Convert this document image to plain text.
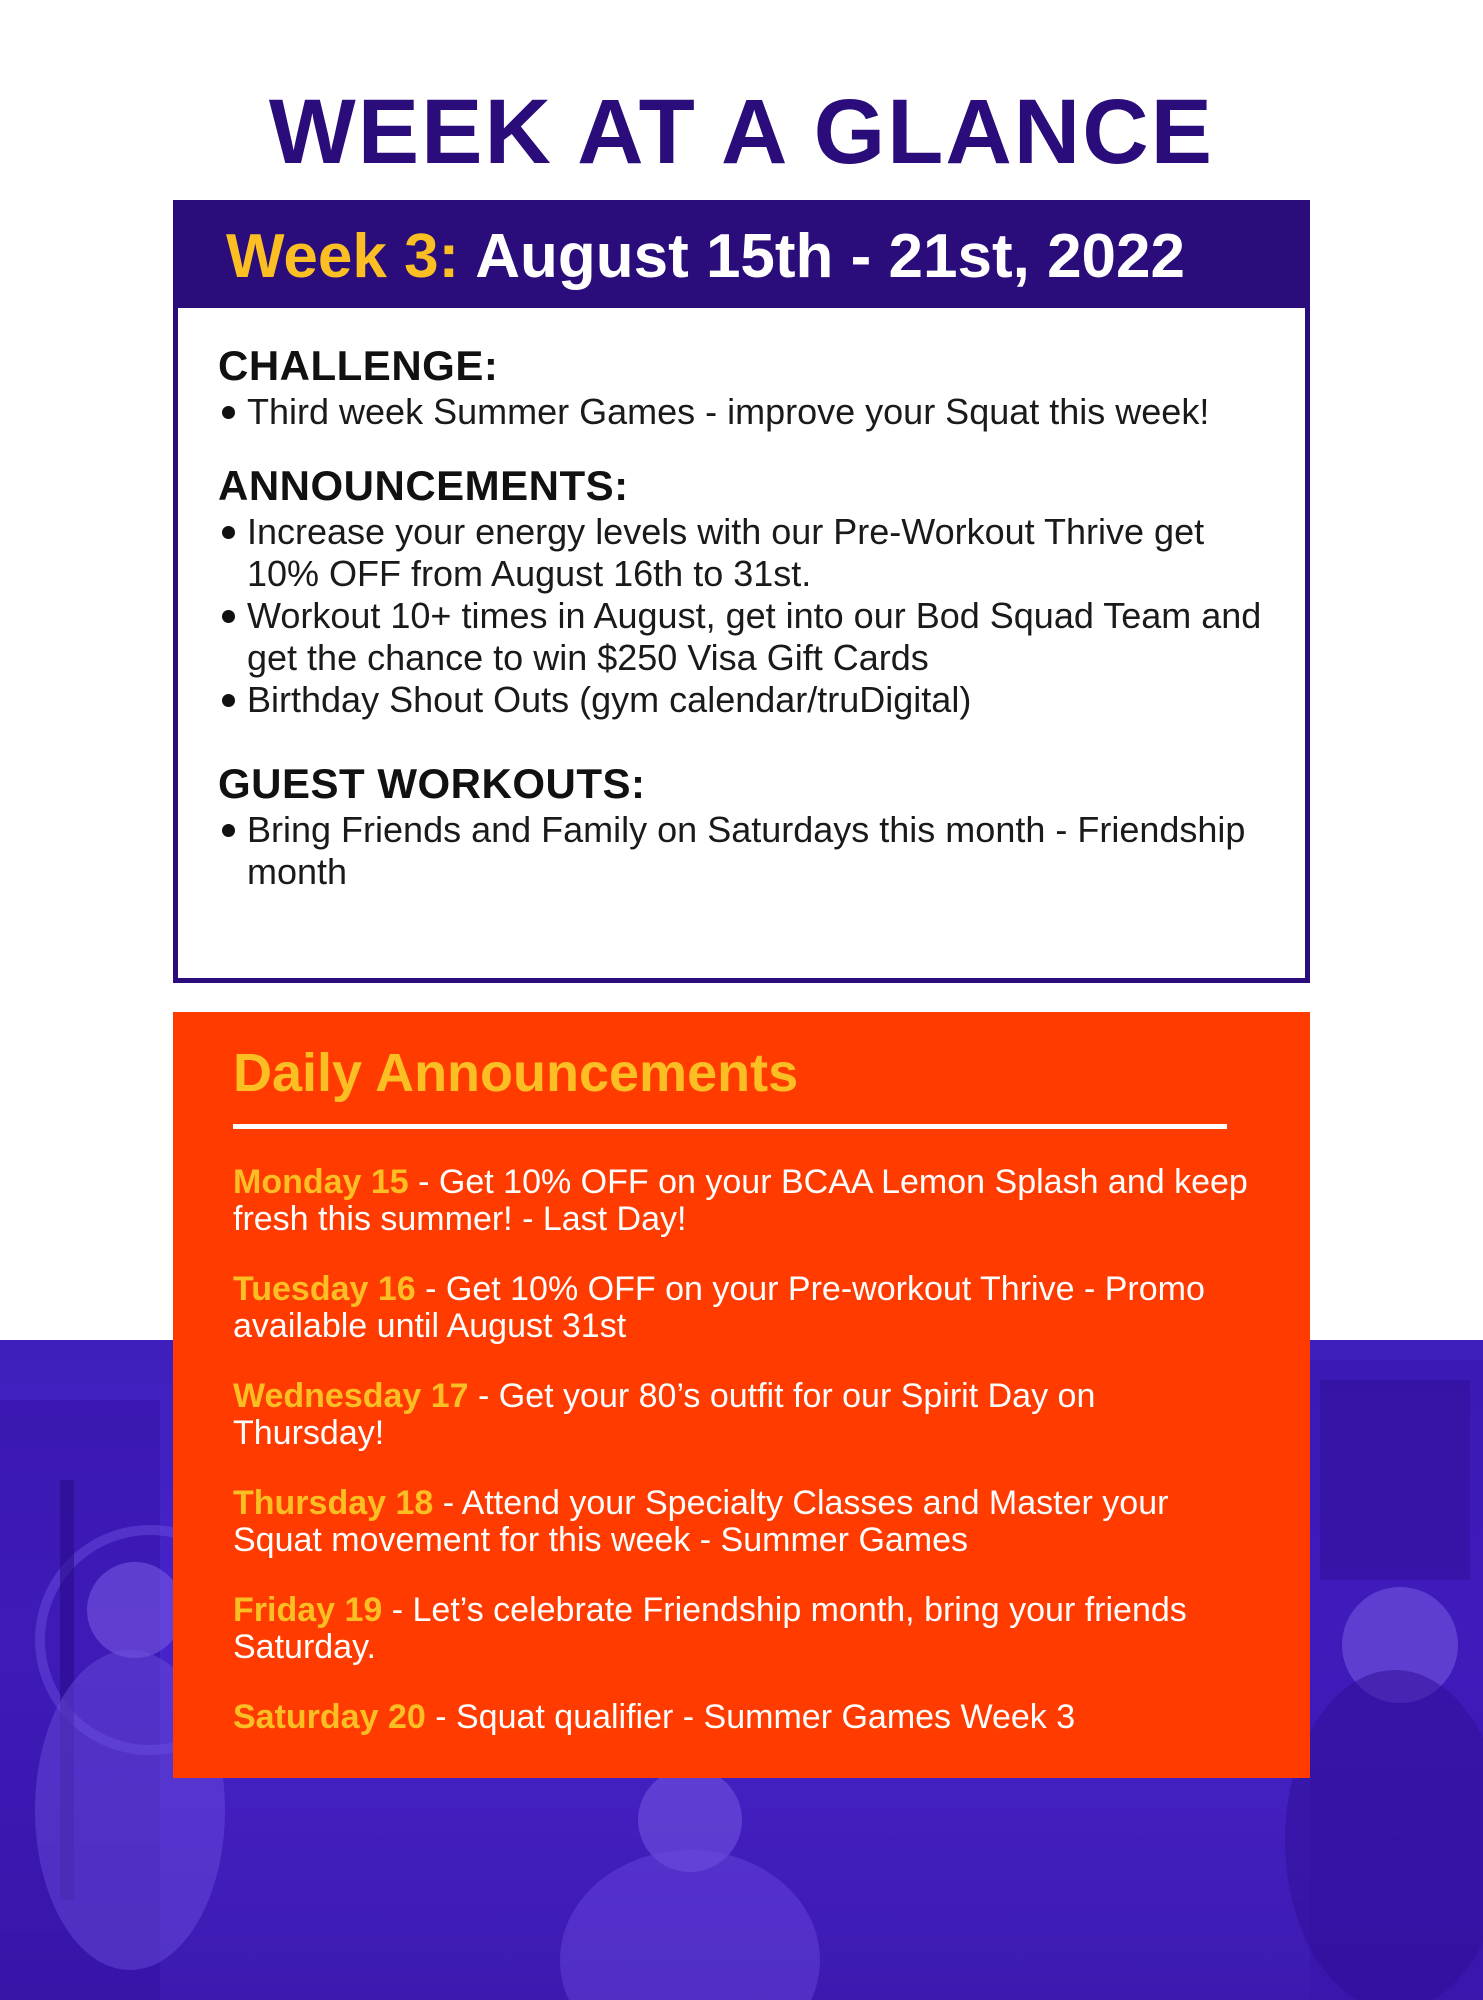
WEEK AT A GLANCE
Week 3: August 15th - 21st, 2022
CHALLENGE:
Third week Summer Games - improve your Squat this week!
ANNOUNCEMENTS:
Increase your energy levels with our Pre-Workout Thrive get 10% OFF from August 16th to 31st.
Workout 10+ times in August, get into our Bod Squad Team and get the chance to win $250 Visa Gift Cards
Birthday Shout Outs (gym calendar/truDigital)
GUEST WORKOUTS:
Bring Friends and Family on Saturdays this month - Friendship month
Daily Announcements
Monday 15 - Get 10% OFF on your BCAA Lemon Splash and keep fresh this summer! - Last Day!
Tuesday 16 - Get 10% OFF on your Pre-workout Thrive - Promo available until August 31st
Wednesday 17 - Get your 80’s outfit for our Spirit Day on Thursday!
Thursday 18 - Attend your Specialty Classes and Master your Squat movement for this week - Summer Games
Friday 19 - Let’s celebrate Friendship month, bring your friends Saturday.
Saturday 20 - Squat qualifier - Summer Games Week 3
